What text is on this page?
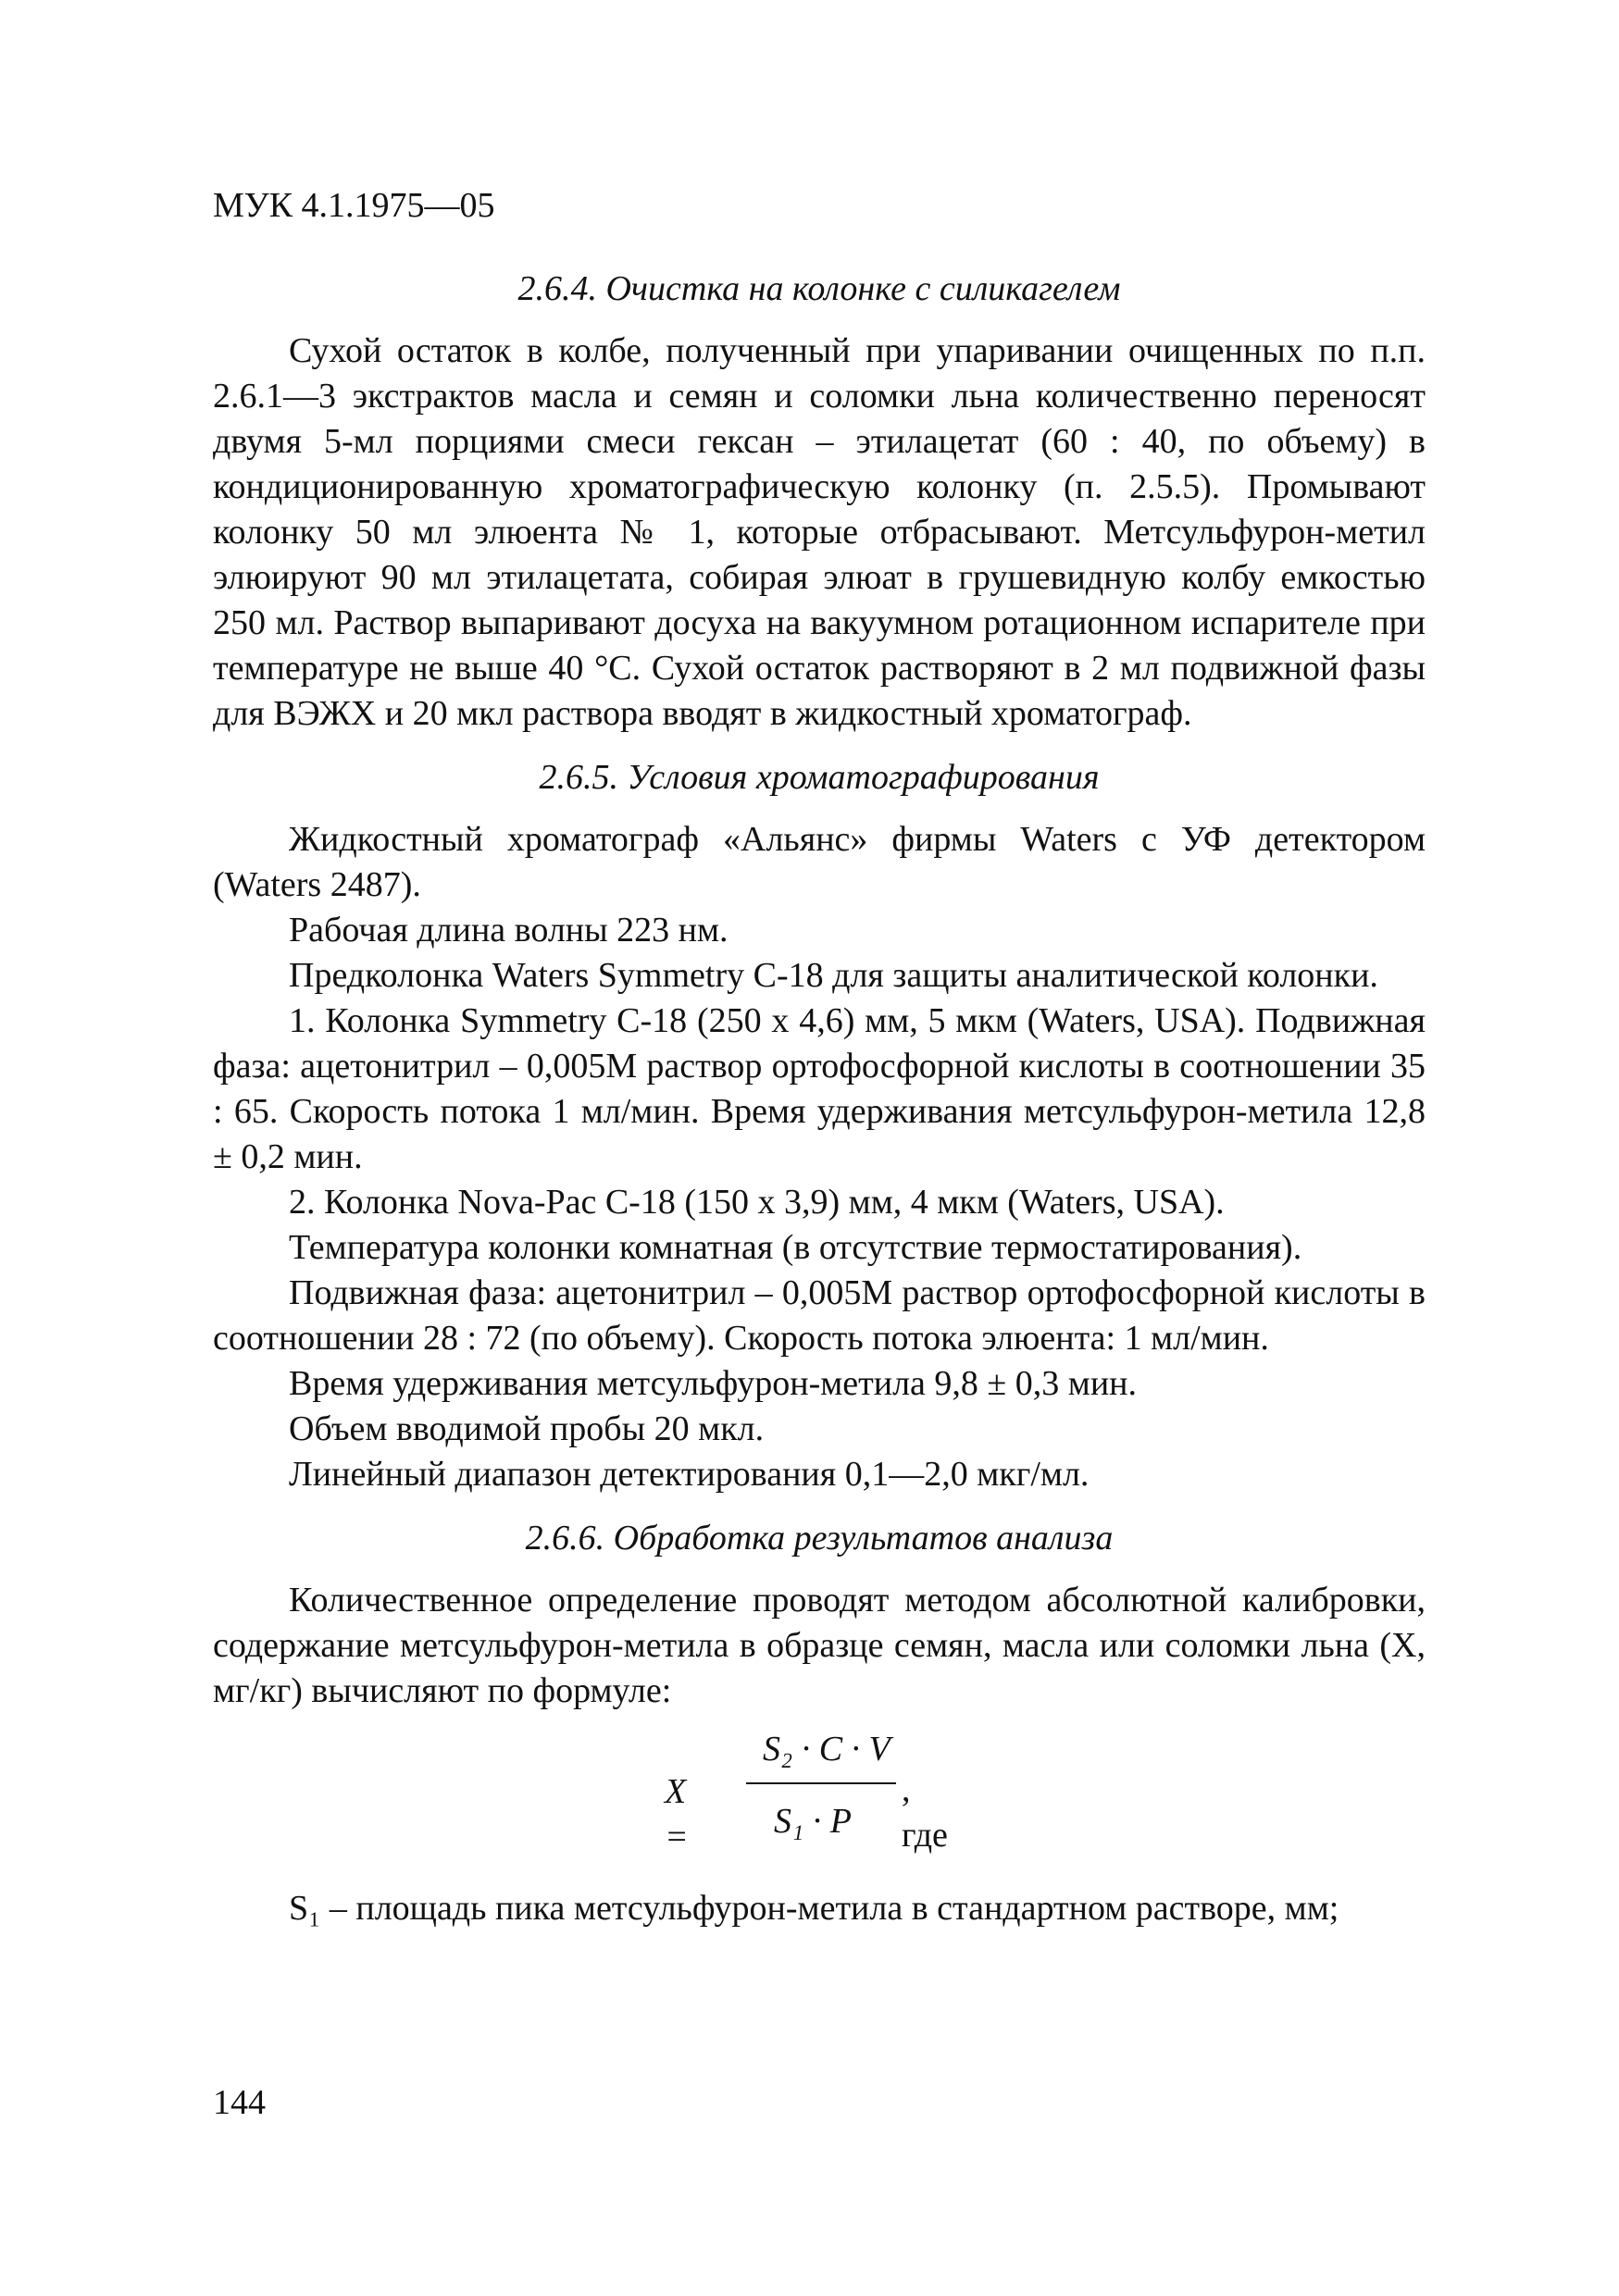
МУК 4.1.1975—05
2.6.4. Очистка на колонке с силикагелем

Сухой остаток в колбе, полученный при упаривании очищенных по п.п. 2.6.1—3 экстрактов масла и семян и соломки льна количественно переносят двумя 5-мл порциями смеси гексан – этилацетат (60 : 40, по объему) в кондиционированную хроматографическую колонку (п. 2.5.5). Промывают колонку 50 мл элюента № 1, которые отбрасывают. Метсульфурон-метил элюируют 90 мл этилацетата, собирая элюат в грушевидную колбу емкостью 250 мл. Раствор выпаривают досуха на вакуумном ротационном испарителе при температуре не выше 40 °С. Сухой остаток растворяют в 2 мл подвижной фазы для ВЭЖХ и 20 мкл раствора вводят в жидкостный хроматограф.

2.6.5. Условия хроматографирования

Жидкостный хроматограф «Альянс» фирмы Waters с УФ детектором (Waters 2487).

Рабочая длина волны 223 нм.

Предколонка Waters Symmetry C-18 для защиты аналитической колонки.

1. Колонка Symmetry C-18 (250 х 4,6) мм, 5 мкм (Waters, USA). Подвижная фаза: ацетонитрил – 0,005М раствор ортофосфорной кислоты в соотношении 35 : 65. Скорость потока 1 мл/мин. Время удерживания метсульфурон-метила 12,8 ± 0,2 мин.

2. Колонка Nova-Pac C-18 (150 х 3,9) мм, 4 мкм (Waters, USA).

Температура колонки комнатная (в отсутствие термостатирования).

Подвижная фаза: ацетонитрил – 0,005М раствор ортофосфорной кислоты в соотношении 28 : 72 (по объему). Скорость потока элюента: 1 мл/мин.

Время удерживания метсульфурон-метила 9,8 ± 0,3 мин.

Объем вводимой пробы 20 мкл.

Линейный диапазон детектирования 0,1—2,0 мкг/мл.

2.6.6. Обработка результатов анализа

Количественное определение проводят методом абсолютной калибровки, содержание метсульфурон-метила в образце семян, масла или соломки льна (Х, мг/кг) вычисляют по формуле:

X =
S₂ · C · V
S₁ · P
, где

S₁ – площадь пика метсульфурон-метила в стандартном растворе, мм;

144
